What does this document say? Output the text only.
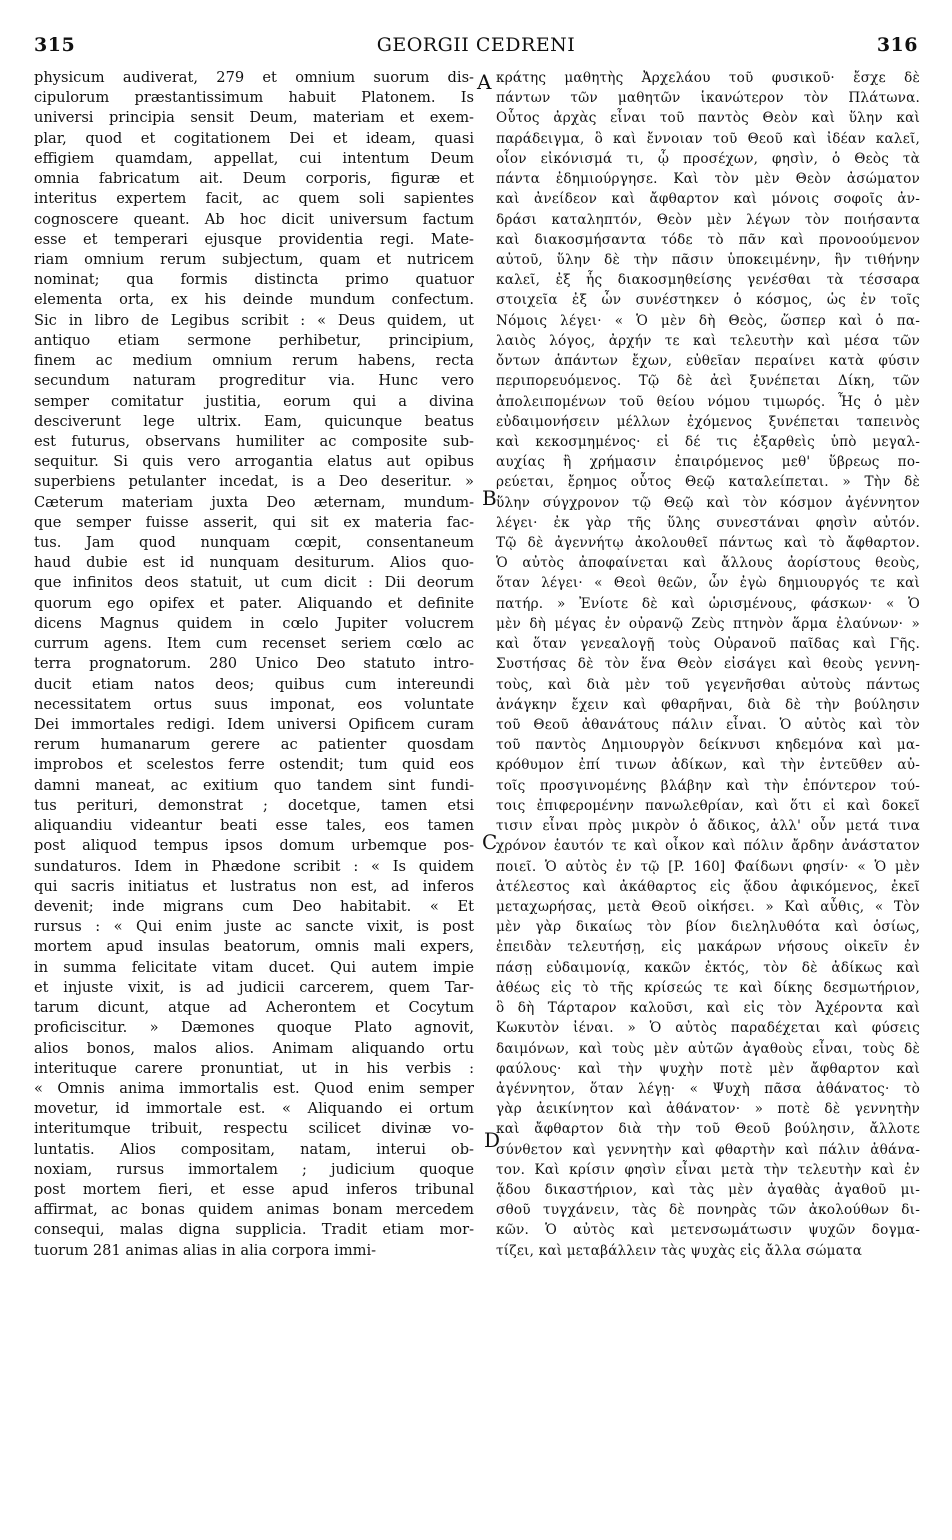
315	GEORGII CEDRENI	316
A
B
C
D
physicum audiverat, 279 et omnium suorum dis-
cipulorum præstantissimum habuit Platonem. Is
universi principia sensit Deum, materiam et exem-
plar, quod et cogitationem Dei et ideam, quasi
effigiem quamdam, appellat, cui intentum Deum
omnia fabricatum ait. Deum corporis, figuræ et
interitus expertem facit, ac quem soli sapientes
cognoscere queant. Ab hoc dicit universum factum
esse et temperari ejusque providentia regi. Mate-
riam omnium rerum subjectum, quam et nutricem
nominat; qua formis distincta primo quatuor
elementa orta, ex his deinde mundum confectum.
Sic in libro de Legibus scribit : « Deus quidem, ut
antiquo etiam sermone perhibetur, principium,
finem ac medium omnium rerum habens, recta
secundum naturam progreditur via. Hunc vero
semper comitatur justitia, eorum qui a divina
desciverunt lege ultrix. Eam, quicunque beatus
est futurus, observans humiliter ac composite sub-
sequitur. Si quis vero arrogantia elatus aut opibus
superbiens petulanter incedat, is a Deo deseritur. »
Cæterum materiam juxta Deo æternam, mundum-
que semper fuisse asserit, qui sit ex materia fac-
tus. Jam quod nunquam cœpit, consentaneum
haud dubie est id nunquam desiturum. Alios quo-
que infinitos deos statuit, ut cum dicit : Dii deorum
quorum ego opifex et pater. Aliquando et definite
dicens Magnus quidem in cœlo Jupiter volucrem
currum agens. Item cum recenset seriem cœlo ac
terra prognatorum. 280 Unico Deo statuto intro-
ducit etiam natos deos; quibus cum intereundi
necessitatem ortus suus imponat, eos voluntate
Dei immortales redigi. Idem universi Opificem curam
rerum humanarum gerere ac patienter quosdam
improbos et scelestos ferre ostendit; tum quid eos
damni maneat, ac exitium quo tandem sint fundi-
tus perituri, demonstrat ; docetque, tamen etsi
aliquandiu videantur beati esse tales, eos tamen
post aliquod tempus ipsos domum urbemque pos-
sundaturos. Idem in Phædone scribit : « Is quidem
qui sacris initiatus et lustratus non est, ad inferos
devenit; inde migrans cum Deo habitabit. « Et
rursus : « Qui enim juste ac sancte vixit, is post
mortem apud insulas beatorum, omnis mali expers,
in summa felicitate vitam ducet. Qui autem impie
et injuste vixit, is ad judicii carcerem, quem Tar-
tarum dicunt, atque ad Acherontem et Cocytum
proficiscitur. » Dæmones quoque Plato agnovit,
alios bonos, malos alios. Animam aliquando ortu
interituque carere pronuntiat, ut in his verbis :
« Omnis anima immortalis est. Quod enim semper
movetur, id immortale est. « Aliquando ei ortum
interitumque tribuit, respectu scilicet divinæ vo-
luntatis. Alios compositam, natam, interui ob-
noxiam, rursus immortalem ; judicium quoque
post mortem fieri, et esse apud inferos tribunal
affirmat, ac bonas quidem animas bonam mercedem
consequi, malas digna supplicia. Tradit etiam mor-
tuorum 281 animas alias in alia corpora immi-
κράτης μαθητὴς Ἀρχελάου τοῦ φυσικοῦ· ἔσχε δὲ
πάντων τῶν μαθητῶν ἱκανώτερον τὸν Πλάτωνα.
Οὗτος ἀρχὰς εἶναι τοῦ παντὸς Θεὸν καὶ ὕλην καὶ
παράδειγμα, ὃ καὶ ἔννοιαν τοῦ Θεοῦ καὶ ἰδέαν καλεῖ,
οἷον εἰκόνισμά τι, ᾧ προσέχων, φησὶν, ὁ Θεὸς τὰ
πάντα ἐδημιούργησε. Καὶ τὸν μὲν Θεὸν ἀσώματον
καὶ ἀνείδεον καὶ ἄφθαρτον καὶ μόνοις σοφοῖς ἀν-
δράσι καταληπτόν, Θεὸν μὲν λέγων τὸν ποιήσαντα
καὶ διακοσμήσαντα τόδε τὸ πᾶν καὶ προνοούμενον
αὐτοῦ, ὕλην δὲ τὴν πᾶσιν ὑποκειμένην, ἣν τιθήνην
καλεῖ, ἐξ ἧς διακοσμηθείσης γενέσθαι τὰ τέσσαρα
στοιχεῖα ἐξ ὧν συνέστηκεν ὁ κόσμος, ὡς ἐν τοῖς
Νόμοις λέγει· « Ὁ μὲν δὴ Θεὸς, ὥσπερ καὶ ὁ πα-
λαιὸς λόγος, ἀρχήν τε καὶ τελευτὴν καὶ μέσα τῶν
ὄντων ἁπάντων ἔχων, εὐθεῖαν περαίνει κατὰ φύσιν
περιπορευόμενος. Τῷ δὲ ἀεὶ ξυνέπεται Δίκη, τῶν
ἀπολειπομένων τοῦ θείου νόμου τιμωρός. Ἧς ὁ μὲν
εὐδαιμονήσειν μέλλων ἐχόμενος ξυνέπεται ταπεινὸς
καὶ κεκοσμημένος· εἰ δέ τις ἐξαρθεὶς ὑπὸ μεγαλ-
αυχίας ἢ χρήμασιν ἐπαιρόμενος μεθ' ὕβρεως πο-
ρεύεται, ἔρημος οὗτος Θεῷ καταλείπεται. » Τὴν δὲ
ὕλην σύγχρονον τῷ Θεῷ καὶ τὸν κόσμον ἀγέννητον
λέγει· ἐκ γὰρ τῆς ὕλης συνεστάναι φησὶν αὐτόν.
Τῷ δὲ ἀγεννήτῳ ἀκολουθεῖ πάντως καὶ τὸ ἄφθαρτον.
Ὁ αὐτὸς ἀποφαίνεται καὶ ἄλλους ἀορίστους θεοὺς,
ὅταν λέγει· « Θεοὶ θεῶν, ὧν ἐγὼ δημιουργός τε καὶ
πατήρ. » Ἐνίοτε δὲ καὶ ὡρισμένους, φάσκων· « Ὁ
μὲν δὴ μέγας ἐν οὐρανῷ Ζεὺς πτηνὸν ἅρμα ἐλαύνων· »
καὶ ὅταν γενεαλογῇ τοὺς Οὐρανοῦ παῖδας καὶ Γῆς.
Συστήσας δὲ τὸν ἕνα Θεὸν εἰσάγει καὶ θεοὺς γεννη-
τοὺς, καὶ διὰ μὲν τοῦ γεγενῆσθαι αὐτοὺς πάντως
ἀνάγκην ἔχειν καὶ φθαρῆναι, διὰ δὲ τὴν βούλησιν
τοῦ Θεοῦ ἀθανάτους πάλιν εἶναι. Ὁ αὐτὸς καὶ τὸν
τοῦ παντὸς Δημιουργὸν δείκνυσι κηδεμόνα καὶ μα-
κρόθυμον ἐπί τινων ἀδίκων, καὶ τὴν ἐντεῦθεν αὐ-
τοῖς προσγινομένης βλάβην καὶ τὴν ἐπόντερον τού-
τοις ἐπιφερομένην πανωλεθρίαν, καὶ ὅτι εἰ καὶ δοκεῖ
τισιν εἶναι πρὸς μικρὸν ὁ ἄδικος, ἀλλ' οὖν μετά τινα
χρόνον ἑαυτόν τε καὶ οἶκον καὶ πόλιν ἄρδην ἀνάστατον
ποιεῖ. Ὁ αὐτὸς ἐν τῷ [P. 160] Φαίδωνι φησίν· « Ὁ μὲν
ἀτέλεστος καὶ ἀκάθαρτος εἰς ᾅδου ἀφικόμενος, ἐκεῖ
μεταχωρήσας, μετὰ Θεοῦ οἰκήσει. » Καὶ αὖθις, « Τὸν
μὲν γὰρ δικαίως τὸν βίον διεληλυθότα καὶ ὁσίως,
ἐπειδὰν τελευτήσῃ, εἰς μακάρων νήσους οἰκεῖν ἐν
πάσῃ εὐδαιμονίᾳ, κακῶν ἐκτός, τὸν δὲ ἀδίκως καὶ
ἀθέως εἰς τὸ τῆς κρίσεώς τε καὶ δίκης δεσμωτήριον,
ὃ δὴ Τάρταρον καλοῦσι, καὶ εἰς τὸν Ἀχέροντα καὶ
Κωκυτὸν ἰέναι. » Ὁ αὐτὸς παραδέχεται καὶ φύσεις
δαιμόνων, καὶ τοὺς μὲν αὐτῶν ἀγαθοὺς εἶναι, τοὺς δὲ
φαύλους· καὶ τὴν ψυχὴν ποτὲ μὲν ἄφθαρτον καὶ
ἀγέννητον, ὅταν λέγῃ· « Ψυχὴ πᾶσα ἀθάνατος· τὸ
γὰρ ἀεικίνητον καὶ ἀθάνατον· » ποτὲ δὲ γεννητὴν
καὶ ἄφθαρτον διὰ τὴν τοῦ Θεοῦ βούλησιν, ἄλλοτε
σύνθετον καὶ γεννητὴν καὶ φθαρτὴν καὶ πάλιν ἀθάνα-
τον. Καὶ κρίσιν φησὶν εἶναι μετὰ τὴν τελευτὴν καὶ ἐν
ᾅδου δικαστήριον, καὶ τὰς μὲν ἀγαθὰς ἀγαθοῦ μι-
σθοῦ τυγχάνειν, τὰς δὲ πονηρὰς τῶν ἀκολούθων δι-
κῶν. Ὁ αὐτὸς καὶ μετενσωμάτωσιν ψυχῶν δογμα-
τίζει, καὶ μεταβάλλειν τὰς ψυχὰς εἰς ἄλλα σώματα
